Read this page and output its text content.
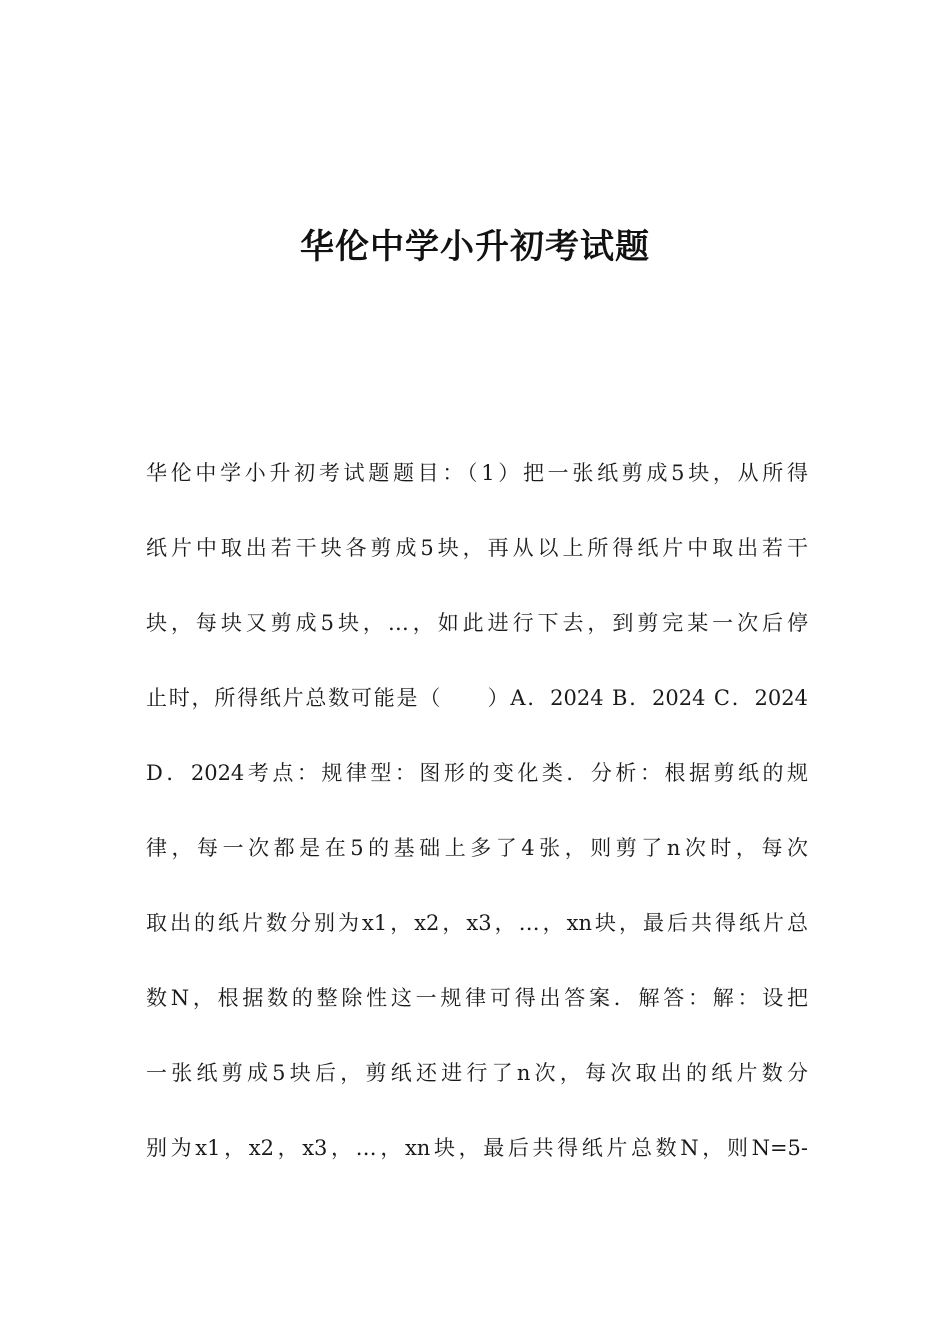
华伦中学小升初考试题
华伦中学小升初考试题题目：（1）把一张纸剪成5块，从所得
纸片中取出若干块各剪成5块，再从以上所得纸片中取出若干
块，每块又剪成5块，…，如此进行下去，到剪完某一次后停
止时，所得纸片总数可能是（　　）A．2024 B．2024 C．2024
D．2024考点：规律型：图形的变化类．分析：根据剪纸的规
律，每一次都是在5的基础上多了4张，则剪了n次时，每次
取出的纸片数分别为x1，x2，x3，…，xn块，最后共得纸片总
数N，根据数的整除性这一规律可得出答案．解答：解：设把
一张纸剪成5块后，剪纸还进行了n次，每次取出的纸片数分
别为x1，x2，x3，…，xn块，最后共得纸片总数N，则N=5-
